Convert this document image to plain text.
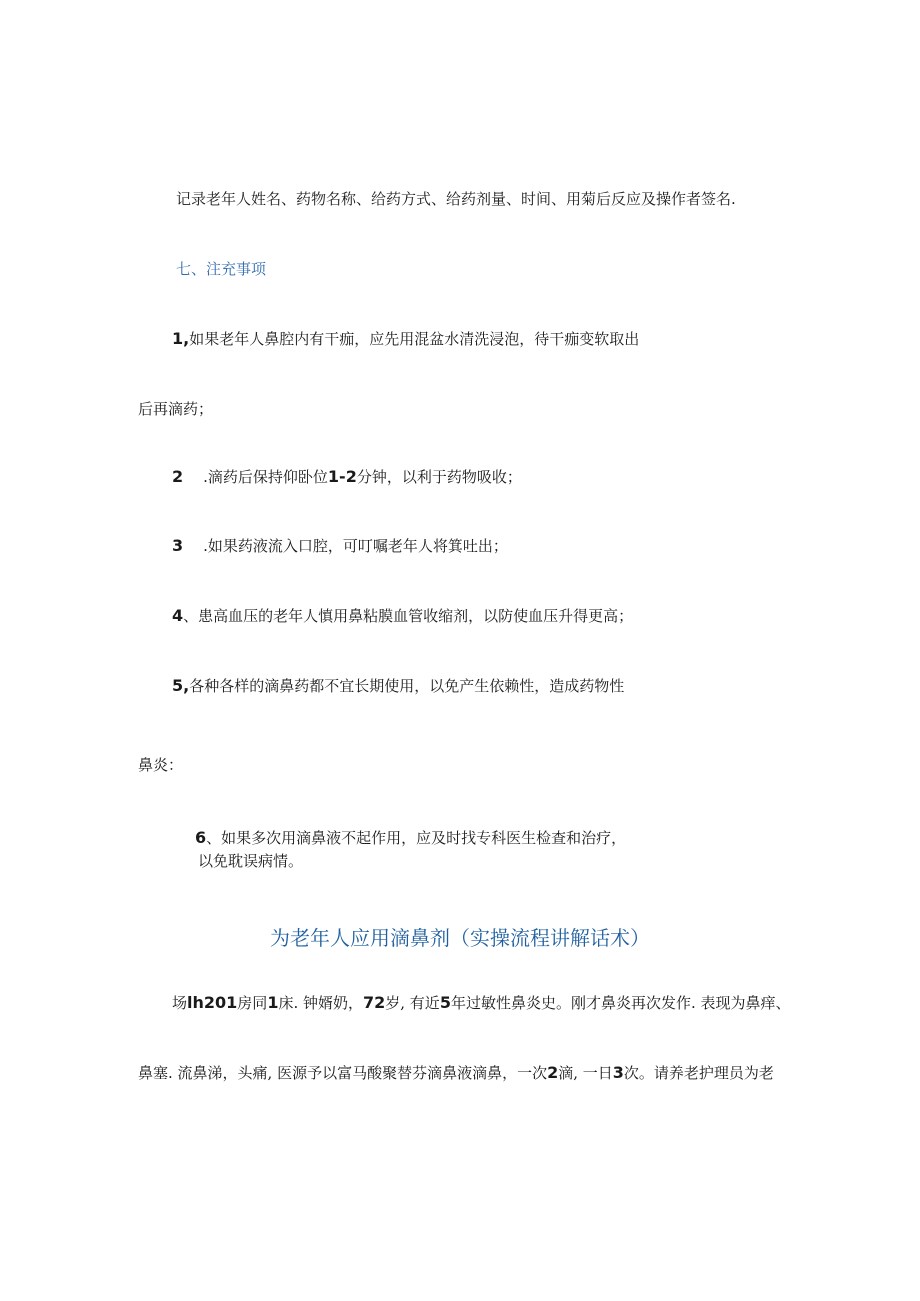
记录老年人姓名、药物名称、给药方式、给药剂量、时间、用菊后反应及操作者签名.
七、注充事项
1,如果老年人鼻腔内有干痂，应先用混盆水清洗浸泡，待干痂变软取出
后再滴药；
2 .滴药后保持仰卧位1-2分钟，以利于药物吸收；
3 .如果药液流入口腔，可叮嘱老年人将箕吐出；
4、患高血压的老年人慎用鼻粘膜血管收缩剂，以防使血压升得更高；
5,各种各样的滴鼻药都不宜长期使用，以免产生依赖性，造成药物性
鼻炎：
6、如果多次用滴鼻液不起作用，应及时找专科医生检查和治疗，
以免耽误病情。
为老年人应用滴鼻剂（实操流程讲解话术）
场lh201房同1床. 钟婿奶，72岁, 有近5年过敏性鼻炎史。刚才鼻炎再次发作. 表现为鼻痒、
鼻塞. 流鼻涕，头痛, 医源予以富马酸聚替芬滴鼻液滴鼻，一次2滴, 一日3次。请养老护理员为老
